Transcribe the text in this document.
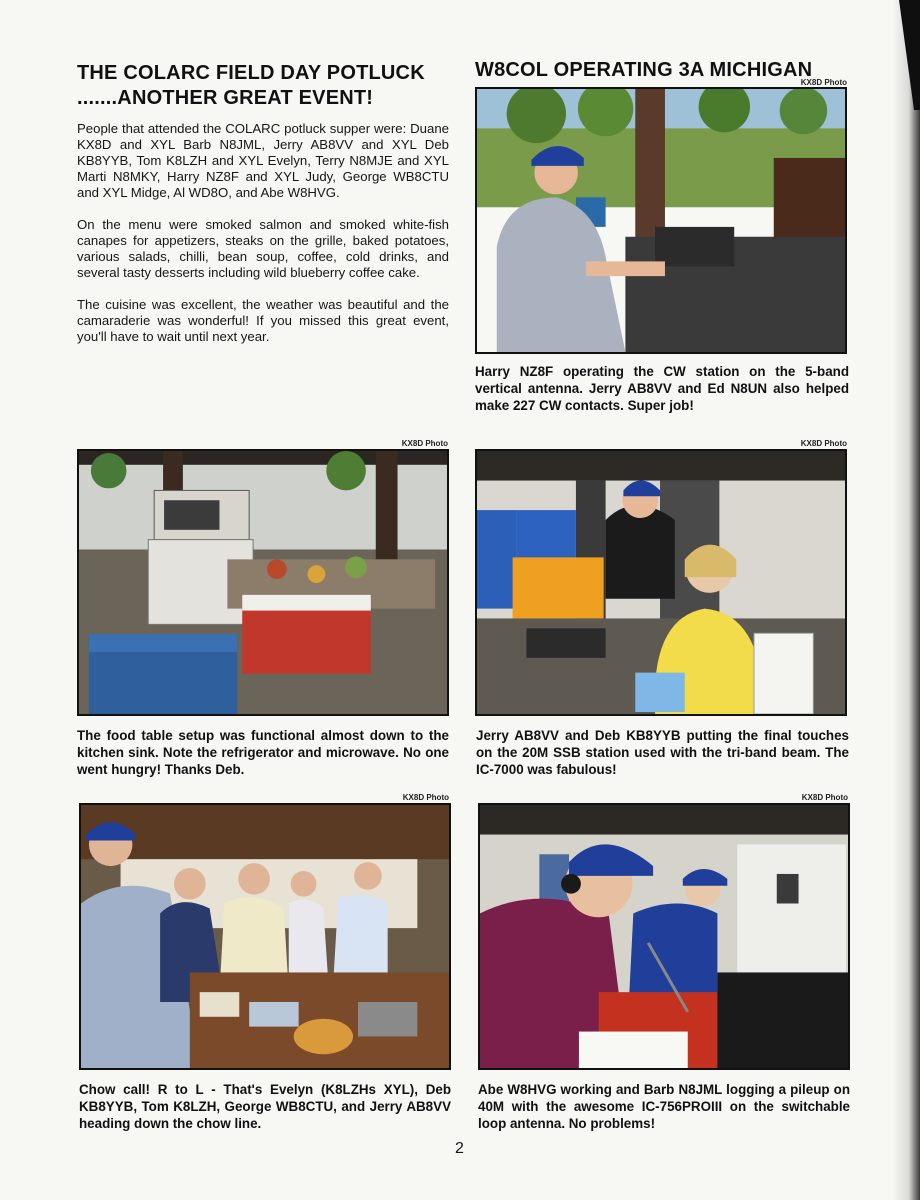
THE COLARC FIELD DAY POTLUCK
.......ANOTHER GREAT EVENT!

People that attended the COLARC potluck supper were: Duane KX8D and XYL Barb N8JML, Jerry AB8VV and XYL Deb KB8YYB, Tom K8LZH and XYL Evelyn, Terry N8MJE and XYL Marti N8MKY, Harry NZ8F and XYL Judy, George WB8CTU and XYL Midge, Al WD8O, and Abe W8HVG.

On the menu were smoked salmon and smoked white-fish canapes for appetizers, steaks on the grille, baked potatoes, various salads, chilli, bean soup, coffee, cold drinks, and several tasty desserts including wild blueberry coffee cake.

The cuisine was excellent, the weather was beautiful and the camaraderie was wonderful! If you missed this great event, you'll have to wait until next year.

W8COL OPERATING 3A MICHIGAN
KX8D Photo
Harry NZ8F operating the CW station on the 5-band vertical antenna. Jerry AB8VV and Ed N8UN also helped make 227 CW contacts. Super job!
KX8D Photo
The food table setup was functional almost down to the kitchen sink. Note the refrigerator and microwave. No one went hungry! Thanks Deb.
KX8D Photo
Jerry AB8VV and Deb KB8YYB putting the final touches on the 20M SSB station used with the tri-band beam. The IC-7000 was fabulous!
KX8D Photo
Chow call! R to L - That's Evelyn (K8LZHs XYL), Deb KB8YYB, Tom K8LZH, George WB8CTU, and Jerry AB8VV heading down the chow line.
KX8D Photo
Abe W8HVG working and Barb N8JML logging a pileup on 40M with the awesome IC-756PROIII on the switchable loop antenna. No problems!
2
